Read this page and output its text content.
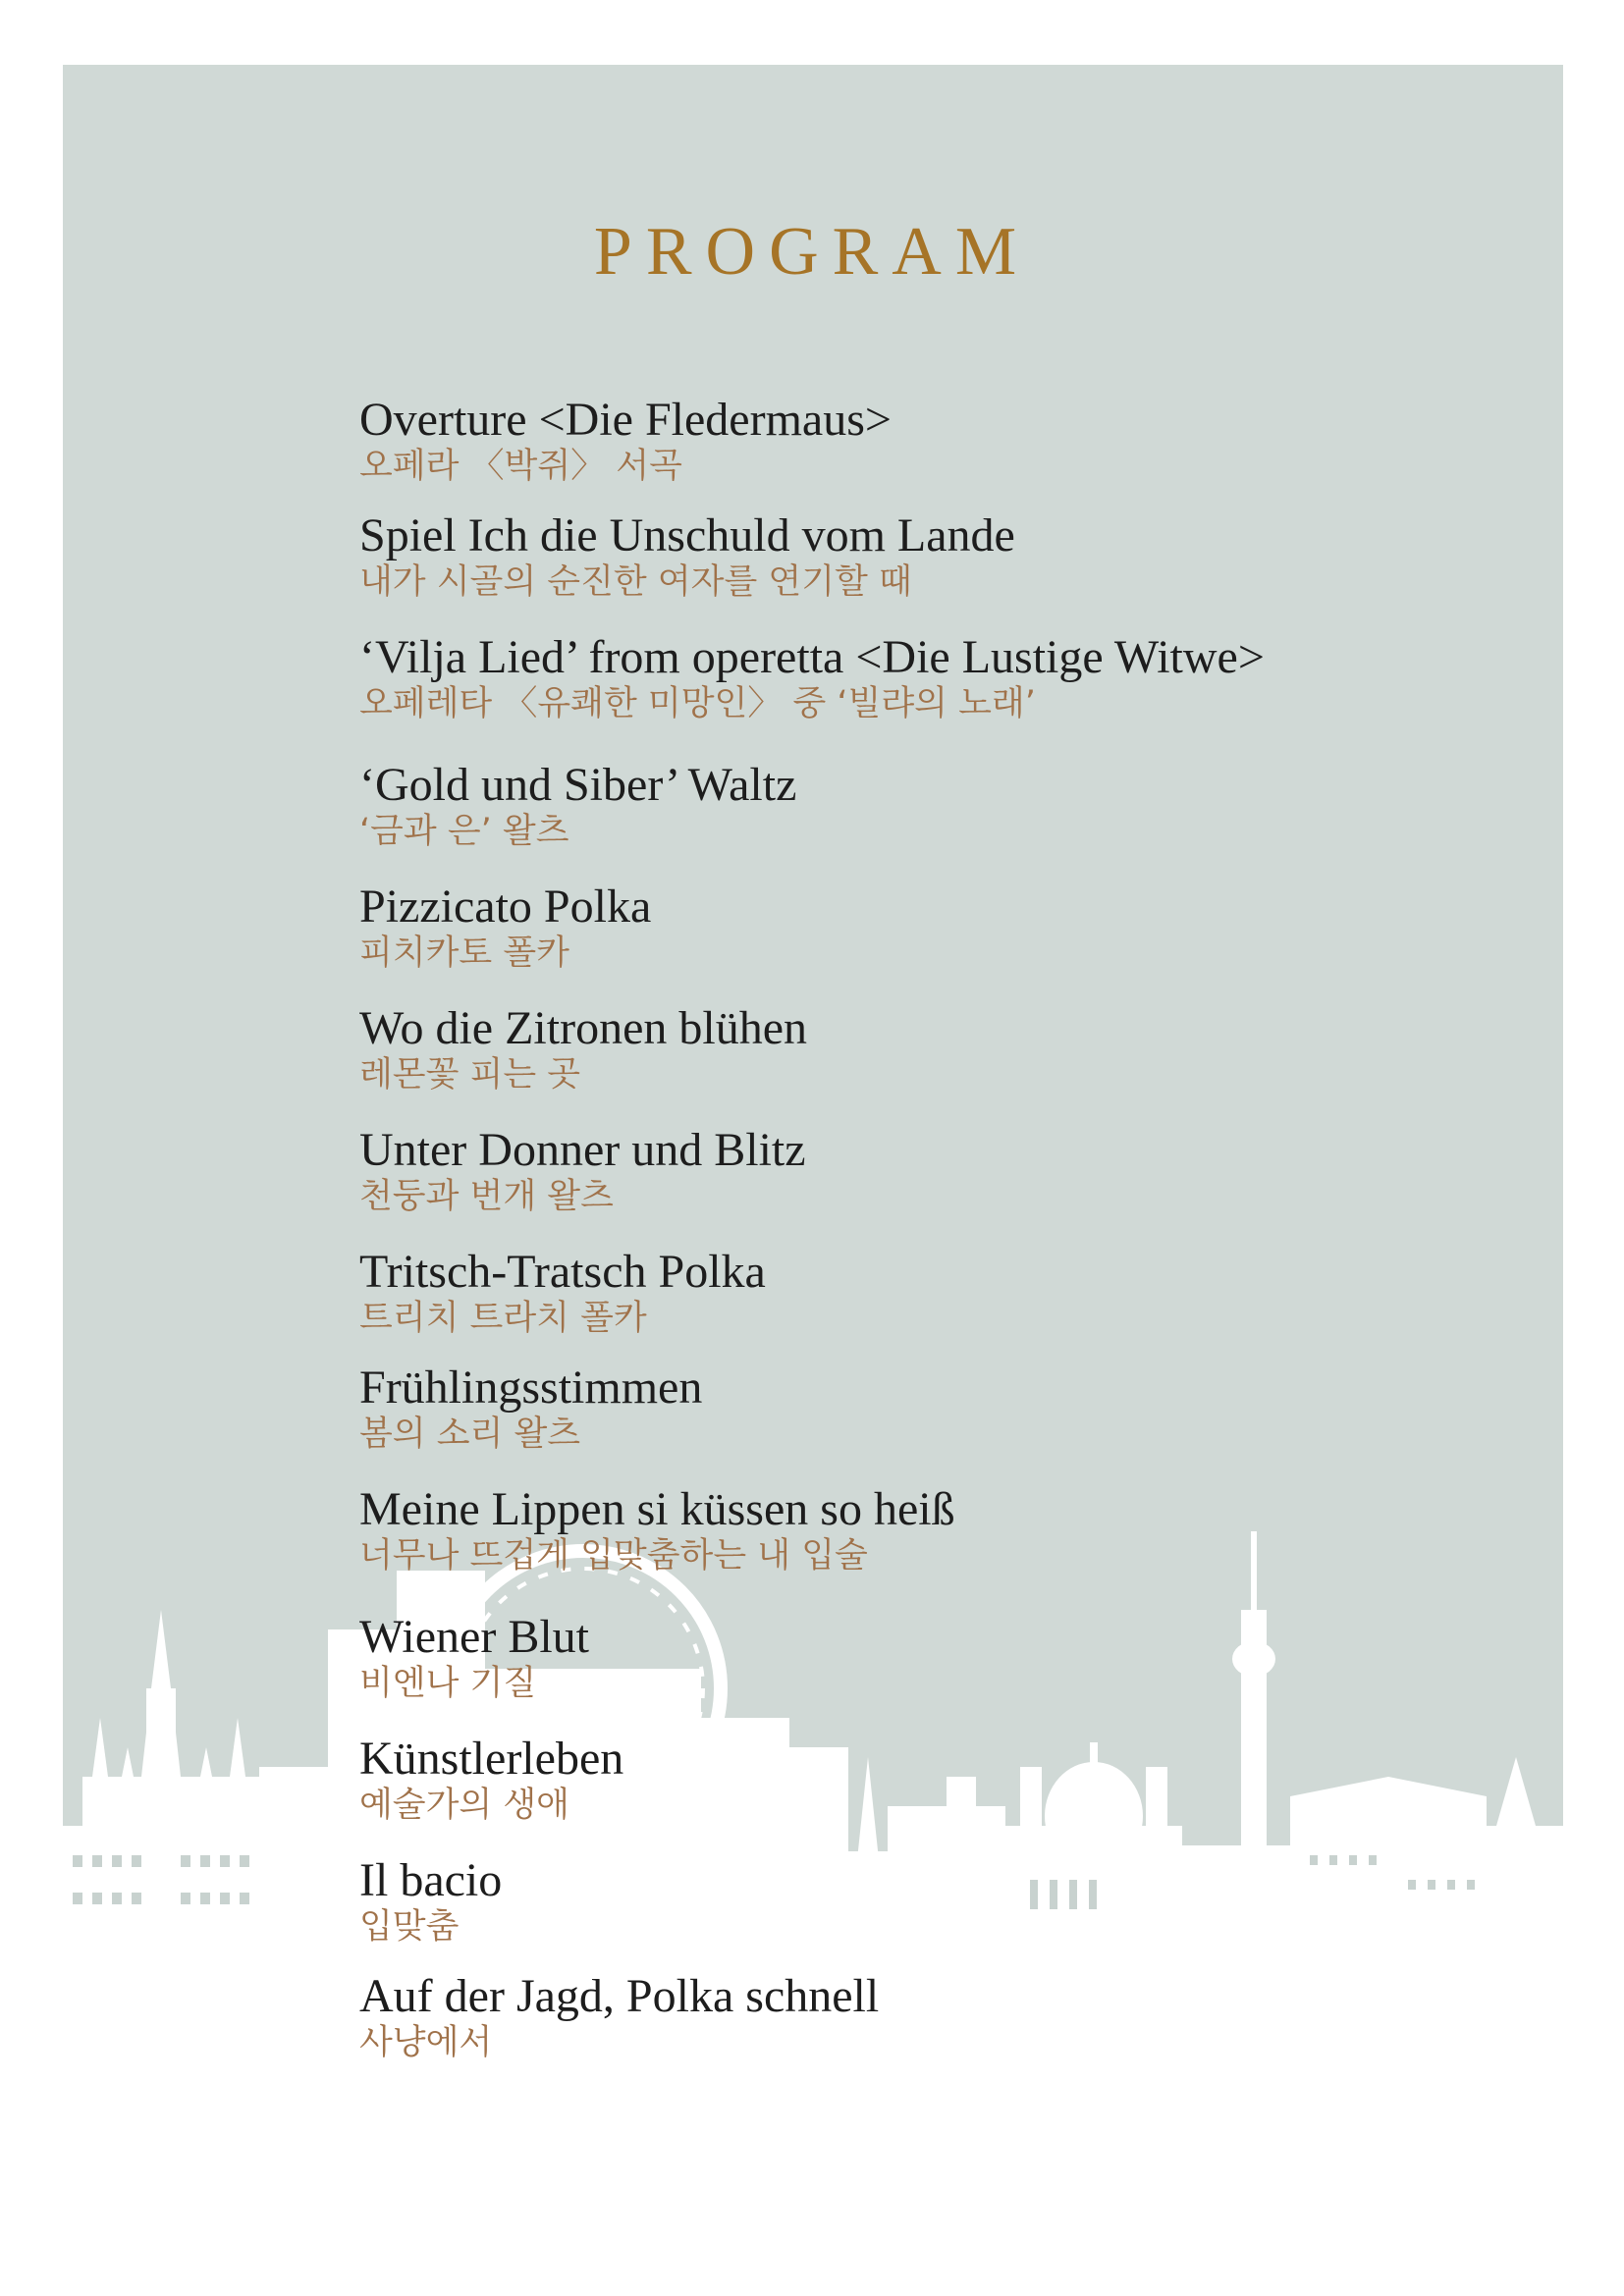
PROGRAM
Overture <Die Fledermaus>
오페라 〈박쥐〉 서곡
Spiel Ich die Unschuld vom Lande
내가 시골의 순진한 여자를 연기할 때
‘Vilja Lied’ from operetta <Die Lustige Witwe>
오페레타 〈유쾌한 미망인〉 중 ‘빌랴의 노래’
‘Gold und Siber’ Waltz
‘금과 은’ 왈츠
Pizzicato Polka
피치카토 폴카
Wo die Zitronen blühen
레몬꽃 피는 곳
Unter Donner und Blitz
천둥과 번개 왈츠
Tritsch-Tratsch Polka
트리치 트라치 폴카
Frühlingsstimmen
봄의 소리 왈츠
Meine Lippen si küssen so heiß
너무나 뜨겁게 입맞춤하는 내 입술
Wiener Blut
비엔나 기질
Künstlerleben
예술가의 생애
Il bacio
입맞춤
Auf der Jagd, Polka schnell
사냥에서
